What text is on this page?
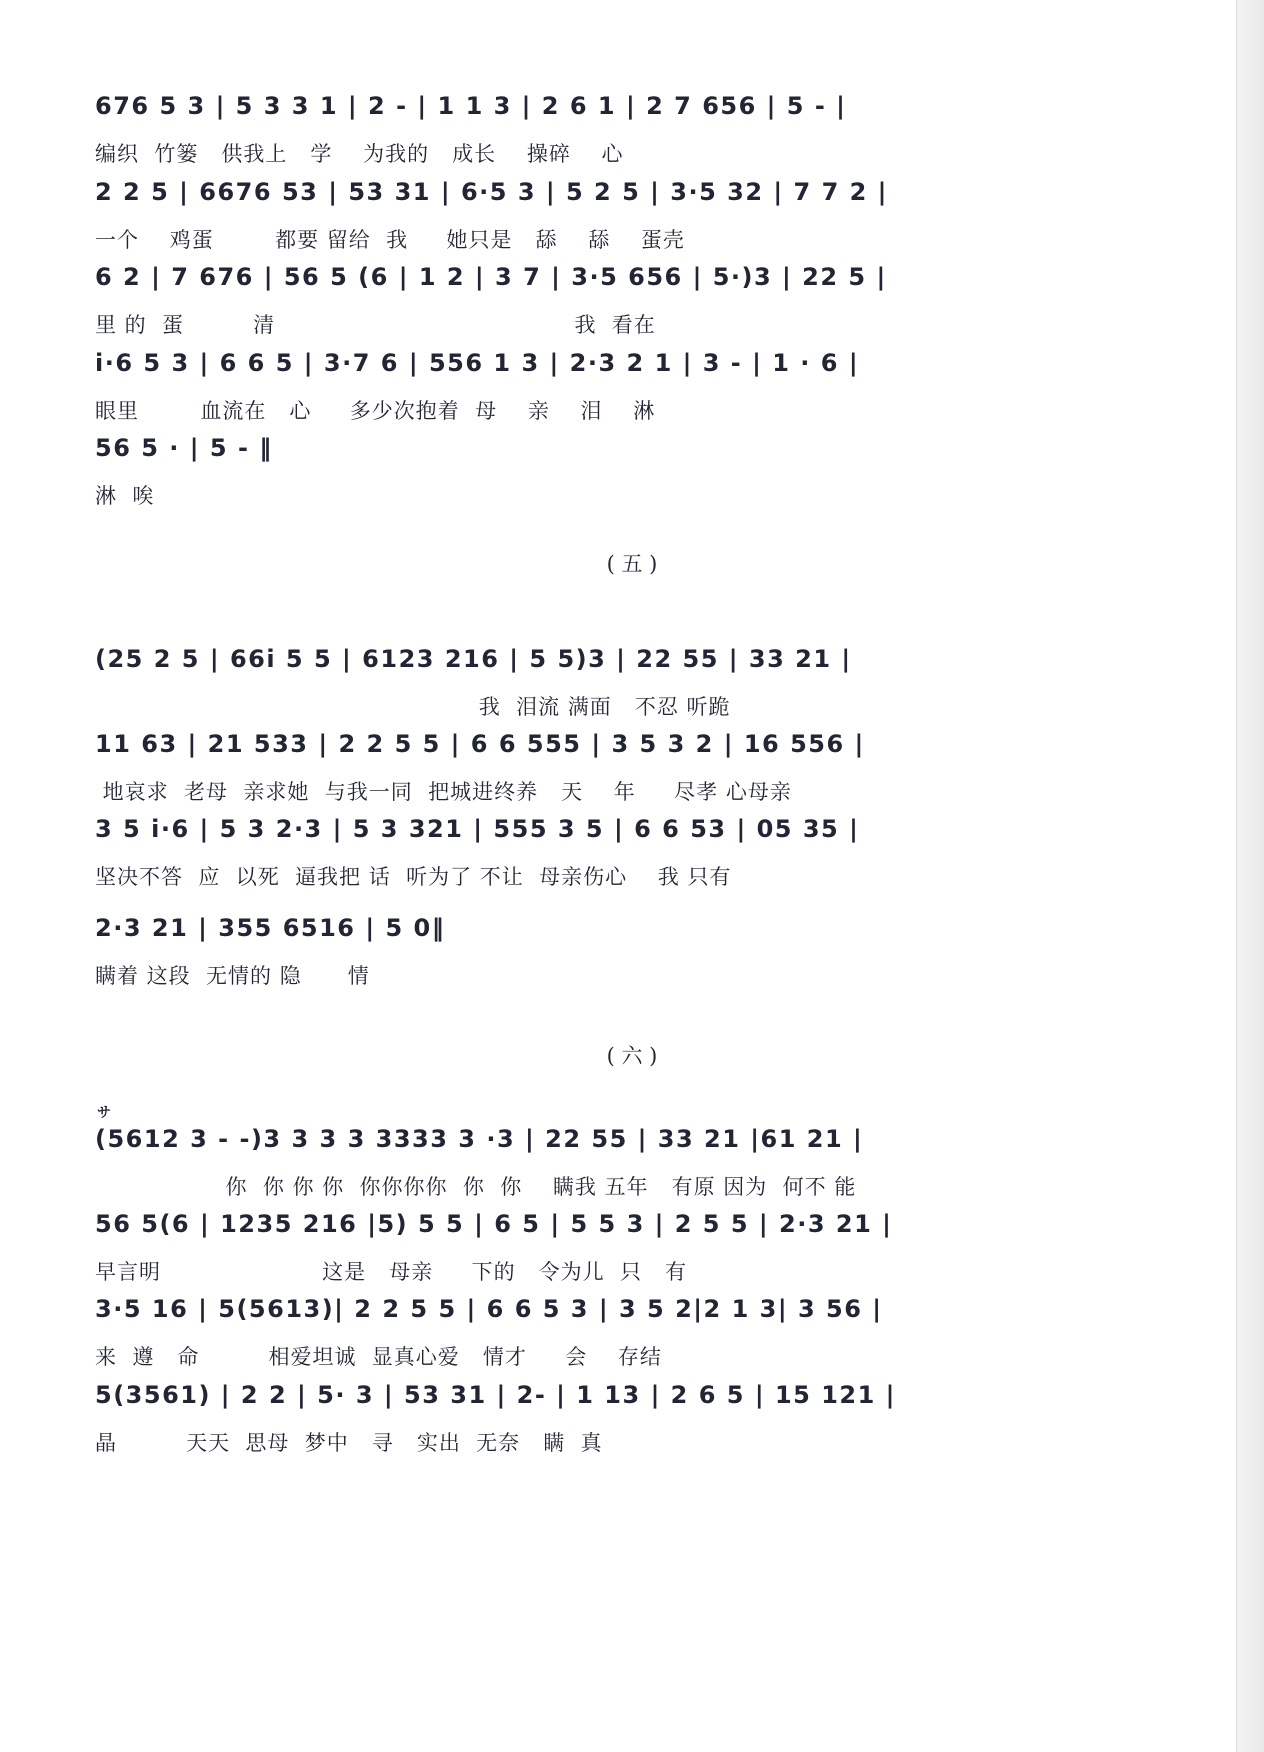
676 5 3 | 5 3 3 1 | 2 - | 1 1 3 | 2 6 1 | 2 7 656 | 5 - |
编织  竹篓   供我上   学    为我的   成长    操碎    心
2 2 5 | 6676 53 | 53 31 | 6·5 3 | 5 2 5 | 3·5 32 | 7 7 2 |
一个    鸡蛋        都要 留给  我     她只是   舔    舔    蛋壳
6 2 | 7 676 | 56 5 (6 | 1 2 | 3 7 | 3·5 656 | 5·)3 | 22 5 |
里 的  蛋         清                                       我  看在
i·6 5 3 | 6 6 5 | 3·7 6 | 556 1 3 | 2·3 2 1 | 3 - | 1 · 6 |
眼里        血流在   心     多少次抱着  母    亲    泪    淋
56 5 · | 5 - ‖
淋  唉
( 五 )
(25 2 5 | 66i 5 5 | 6123 216 | 5 5)3 | 22 55 | 33 21 |
我  泪流 满面   不忍 听跪
11 63 | 21 533 | 2 2 5 5 | 6 6 555 | 3 5 3 2 | 16 556 |
地哀求  老母  亲求她  与我一同  把城进终养   天    年     尽孝 心母亲
3 5 i·6 | 5 3 2·3 | 5 3 321 | 555 3 5 | 6 6 53 | 05 35 |
坚决不答  应  以死  逼我把 话  听为了 不让  母亲伤心    我 只有
2·3 21 | 355 6516 | 5 0‖
瞒着 这段  无情的 隐      情
( 六 )
サ
(5612 3 - -)3 3 3 3 3333 3 ·3 | 22 55 | 33 21 |61 21 |
你  你 你 你  你你你你  你  你    瞒我 五年   有原 因为  何不 能
56 5(6 | 1235 216 |5) 5 5 | 6 5 | 5 5 3 | 2 5 5 | 2·3 21 |
早言明                     这是   母亲     下的   令为儿  只   有
3·5 16 | 5(5613)| 2 2 5 5 | 6 6 5 3 | 3 5 2|2 1 3| 3 56 |
来  遵   命         相爱坦诚  显真心爱   情才     会    存结
5(3561) | 2 2 | 5· 3 | 53 31 | 2- | 1 13 | 2 6 5 | 15 121 |
晶         天天  思母  梦中   寻   实出  无奈   瞒  真
